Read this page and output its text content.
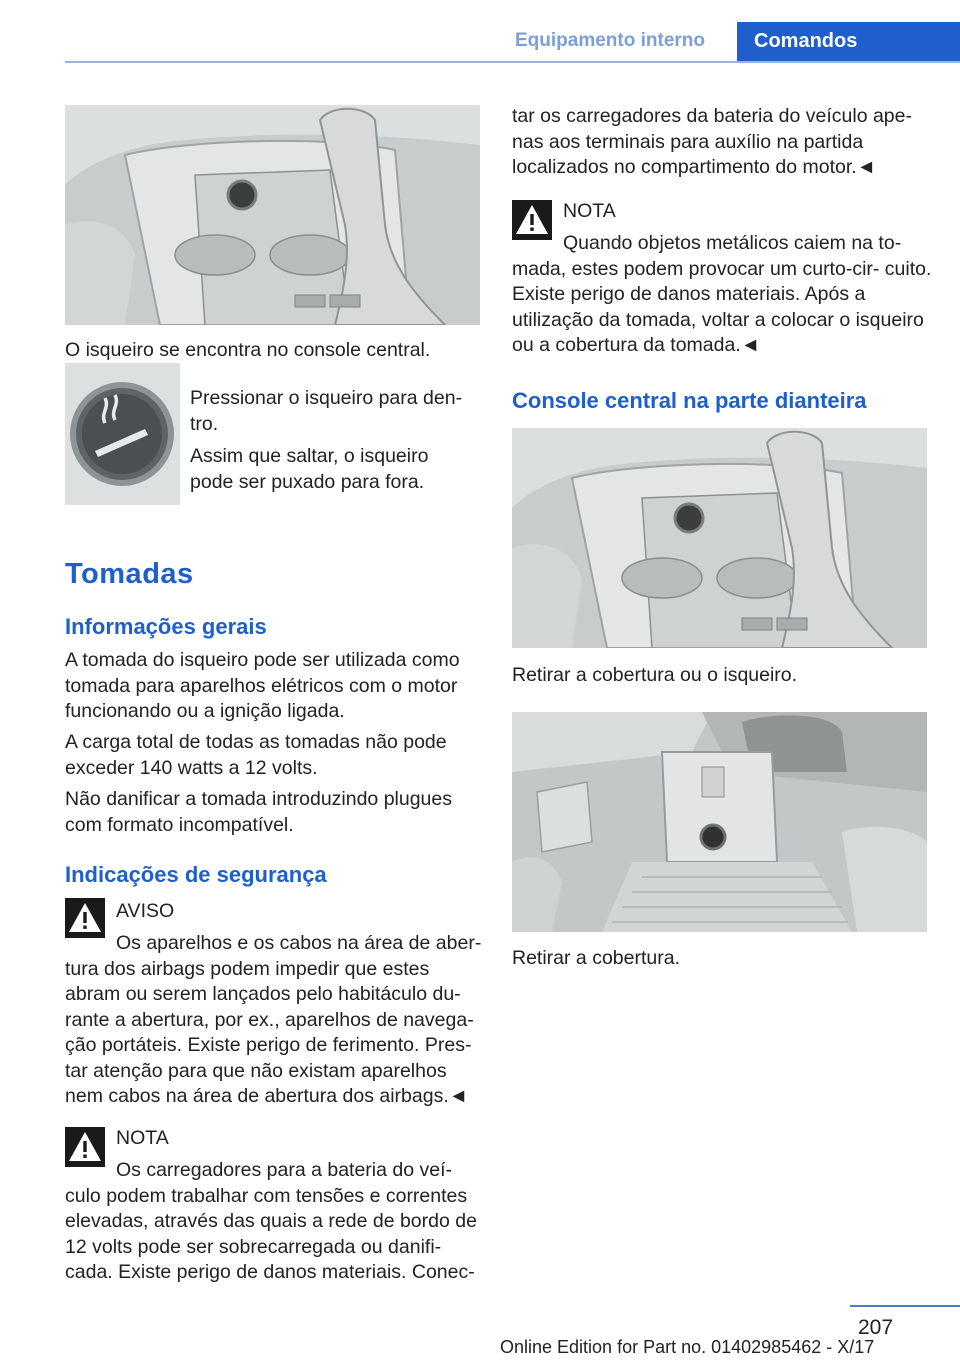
Equipamento interno Comandos
O isqueiro se encontra no console central.
Pressionar o isqueiro para den‐ tro.
Assim que saltar, o isqueiro pode ser puxado para fora.
Tomadas
Informações gerais
A tomada do isqueiro pode ser utilizada como tomada para aparelhos elétricos com o motor funcionando ou a ignição ligada.
A carga total de todas as tomadas não pode exceder 140 watts a 12 volts.
Não danificar a tomada introduzindo plugues com formato incompatível.
Indicações de segurança
AVISO
Os aparelhos e os cabos na área de aber‐ tura dos airbags podem impedir que estes abram ou serem lançados pelo habitáculo du‐ rante a abertura, por ex., aparelhos de navega‐ ção portáteis. Existe perigo de ferimento. Pres‐ tar atenção para que não existam aparelhos nem cabos na área de abertura dos airbags.◄
NOTA
Os carregadores para a bateria do veí‐ culo podem trabalhar com tensões e correntes elevadas, através das quais a rede de bordo de 12 volts pode ser sobrecarregada ou danifi‐ cada. Existe perigo de danos materiais. Conec‐
tar os carregadores da bateria do veículo ape‐ nas aos terminais para auxílio na partida localizados no compartimento do motor.◄
NOTA
Quando objetos metálicos caiem na to‐ mada, estes podem provocar um curto-cir‐ cuito. Existe perigo de danos materiais. Após a utilização da tomada, voltar a colocar o isqueiro ou a cobertura da tomada.◄
Console central na parte dianteira
Retirar a cobertura ou o isqueiro.
Retirar a cobertura.
207
Online Edition for Part no. 01402985462 - X/17
